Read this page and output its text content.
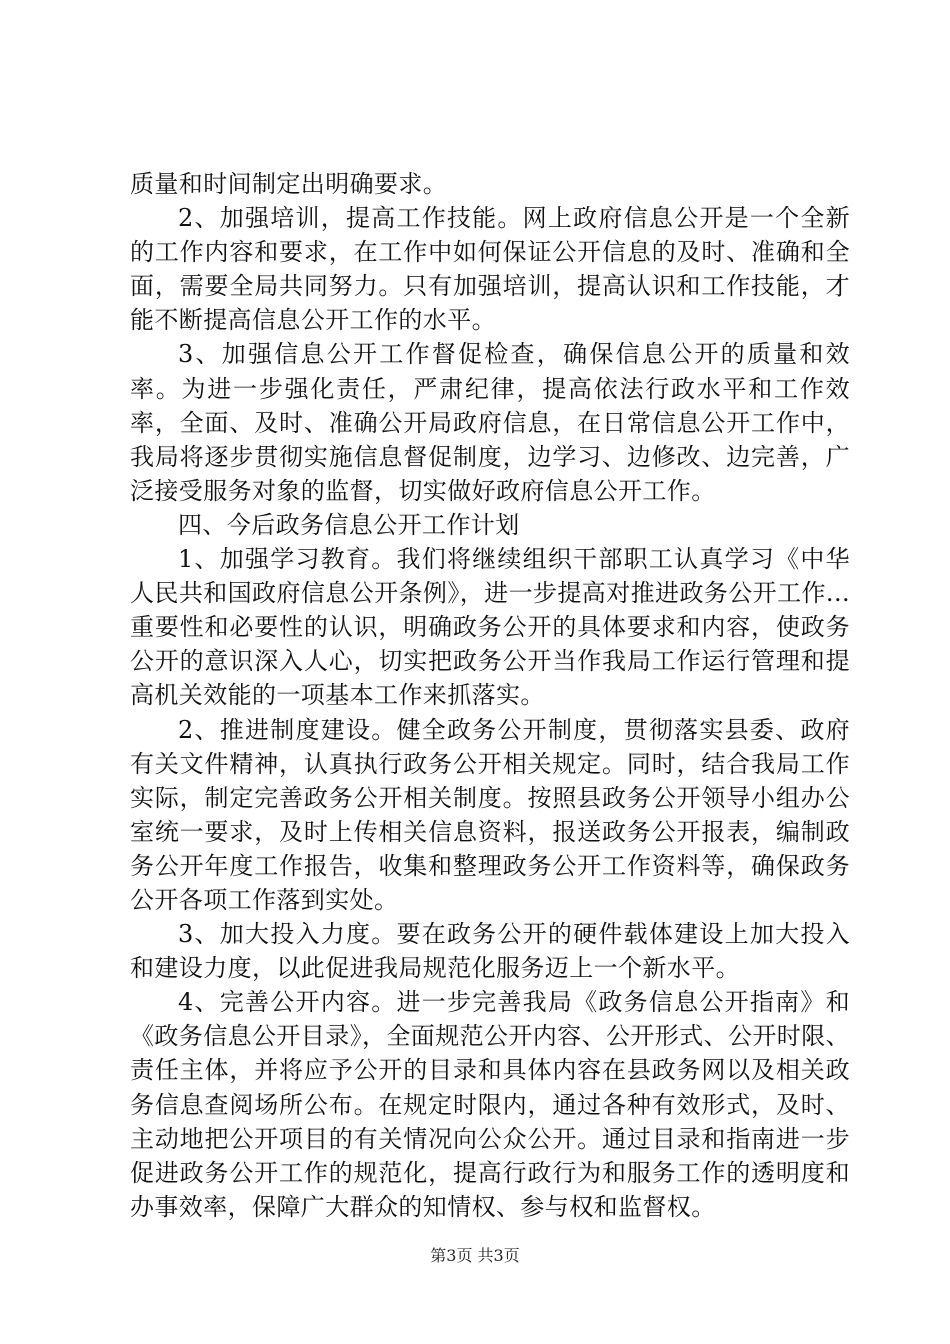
质量和时间制定出明确要求。

2、加强培训，提高工作技能。网上政府信息公开是一个全新的工作内容和要求，在工作中如何保证公开信息的及时、准确和全面，需要全局共同努力。只有加强培训，提高认识和工作技能，才能不断提高信息公开工作的水平。

3、加强信息公开工作督促检查，确保信息公开的质量和效率。为进一步强化责任，严肃纪律，提高依法行政水平和工作效率，全面、及时、准确公开局政府信息，在日常信息公开工作中，我局将逐步贯彻实施信息督促制度，边学习、边修改、边完善，广泛接受服务对象的监督，切实做好政府信息公开工作。

四、今后政务信息公开工作计划

1、加强学习教育。我们将继续组织干部职工认真学习《中华人民共和国政府信息公开条例》，进一步提高对推进政务公开工作...重要性和必要性的认识，明确政务公开的具体要求和内容，使政务公开的意识深入人心，切实把政务公开当作我局工作运行管理和提高机关效能的一项基本工作来抓落实。

2、推进制度建设。健全政务公开制度，贯彻落实县委、政府有关文件精神，认真执行政务公开相关规定。同时，结合我局工作实际，制定完善政务公开相关制度。按照县政务公开领导小组办公室统一要求，及时上传相关信息资料，报送政务公开报表，编制政务公开年度工作报告，收集和整理政务公开工作资料等，确保政务公开各项工作落到实处。

3、加大投入力度。要在政务公开的硬件载体建设上加大投入和建设力度，以此促进我局规范化服务迈上一个新水平。

4、完善公开内容。进一步完善我局《政务信息公开指南》和《政务信息公开目录》，全面规范公开内容、公开形式、公开时限、责任主体，并将应予公开的目录和具体内容在县政务网以及相关政务信息查阅场所公布。在规定时限内，通过各种有效形式，及时、主动地把公开项目的有关情况向公众公开。通过目录和指南进一步促进政务公开工作的规范化，提高行政行为和服务工作的透明度和办事效率，保障广大群众的知情权、参与权和监督权。

第3页 共3页
